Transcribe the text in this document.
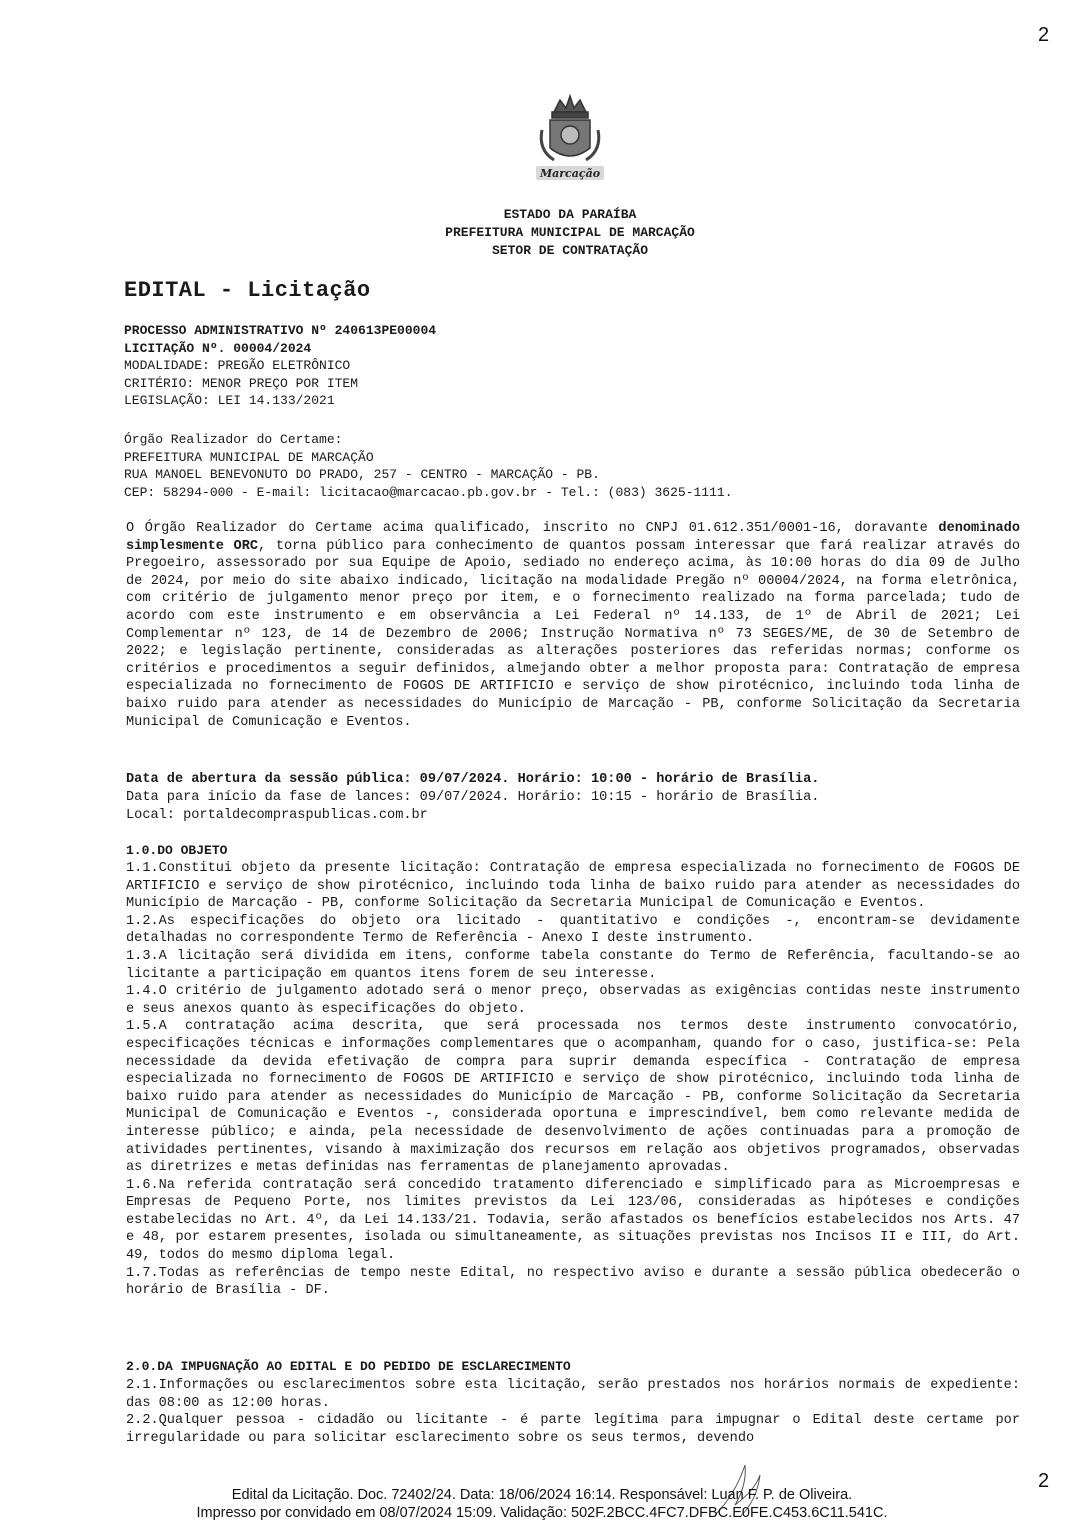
2
Marcação
ESTADO DA PARAÍBA
PREFEITURA MUNICIPAL DE MARCAÇÃO
SETOR DE CONTRATAÇÃO
EDITAL - Licitação
PROCESSO ADMINISTRATIVO Nº 240613PE00004
LICITAÇÃO Nº. 00004/2024
MODALIDADE: PREGÃO ELETRÔNICO
CRITÉRIO: MENOR PREÇO POR ITEM
LEGISLAÇÃO: LEI 14.133/2021
Órgão Realizador do Certame:
PREFEITURA MUNICIPAL DE MARCAÇÃO
RUA MANOEL BENEVONUTO DO PRADO, 257 - CENTRO - MARCAÇÃO - PB.
CEP: 58294-000 - E-mail: licitacao@marcacao.pb.gov.br - Tel.: (083) 3625-1111.
O Órgão Realizador do Certame acima qualificado, inscrito no CNPJ 01.612.351/0001-16, doravante denominado simplesmente ORC, torna público para conhecimento de quantos possam interessar que fará realizar através do Pregoeiro, assessorado por sua Equipe de Apoio, sediado no endereço acima, às 10:00 horas do dia 09 de Julho de 2024, por meio do site abaixo indicado, licitação na modalidade Pregão nº 00004/2024, na forma eletrônica, com critério de julgamento menor preço por item, e o fornecimento realizado na forma parcelada; tudo de acordo com este instrumento e em observância a Lei Federal nº 14.133, de 1º de Abril de 2021; Lei Complementar nº 123, de 14 de Dezembro de 2006; Instrução Normativa nº 73 SEGES/ME, de 30 de Setembro de 2022; e legislação pertinente, consideradas as alterações posteriores das referidas normas; conforme os critérios e procedimentos a seguir definidos, almejando obter a melhor proposta para: Contratação de empresa especializada no fornecimento de FOGOS DE ARTIFICIO e serviço de show pirotécnico, incluindo toda linha de baixo ruido para atender as necessidades do Município de Marcação - PB, conforme Solicitação da Secretaria Municipal de Comunicação e Eventos.
Data de abertura da sessão pública: 09/07/2024. Horário: 10:00 - horário de Brasília.
Data para início da fase de lances: 09/07/2024. Horário: 10:15 - horário de Brasília.
Local: portaldecompraspublicas.com.br
1.0.DO OBJETO
1.1.Constitui objeto da presente licitação: Contratação de empresa especializada no fornecimento de FOGOS DE ARTIFICIO e serviço de show pirotécnico, incluindo toda linha de baixo ruido para atender as necessidades do Município de Marcação - PB, conforme Solicitação da Secretaria Municipal de Comunicação e Eventos.
1.2.As especificações do objeto ora licitado - quantitativo e condições -, encontram-se devidamente detalhadas no correspondente Termo de Referência - Anexo I deste instrumento.
1.3.A licitação será dividida em itens, conforme tabela constante do Termo de Referência, facultando-se ao licitante a participação em quantos itens forem de seu interesse.
1.4.O critério de julgamento adotado será o menor preço, observadas as exigências contidas neste instrumento e seus anexos quanto às especificações do objeto.
1.5.A contratação acima descrita, que será processada nos termos deste instrumento convocatório, especificações técnicas e informações complementares que o acompanham, quando for o caso, justifica-se: Pela necessidade da devida efetivação de compra para suprir demanda específica - Contratação de empresa especializada no fornecimento de FOGOS DE ARTIFICIO e serviço de show pirotécnico, incluindo toda linha de baixo ruido para atender as necessidades do Município de Marcação - PB, conforme Solicitação da Secretaria Municipal de Comunicação e Eventos -, considerada oportuna e imprescindível, bem como relevante medida de interesse público; e ainda, pela necessidade de desenvolvimento de ações continuadas para a promoção de atividades pertinentes, visando à maximização dos recursos em relação aos objetivos programados, observadas as diretrizes e metas definidas nas ferramentas de planejamento aprovadas.
1.6.Na referida contratação será concedido tratamento diferenciado e simplificado para as Microempresas e Empresas de Pequeno Porte, nos limites previstos da Lei 123/06, consideradas as hipóteses e condições estabelecidas no Art. 4º, da Lei 14.133/21. Todavia, serão afastados os benefícios estabelecidos nos Arts. 47 e 48, por estarem presentes, isolada ou simultaneamente, as situações previstas nos Incisos II e III, do Art. 49, todos do mesmo diploma legal.
1.7.Todas as referências de tempo neste Edital, no respectivo aviso e durante a sessão pública obedecerão o horário de Brasília - DF.
2.0.DA IMPUGNAÇÃO AO EDITAL E DO PEDIDO DE ESCLARECIMENTO
2.1.Informações ou esclarecimentos sobre esta licitação, serão prestados nos horários normais de expediente: das 08:00 as 12:00 horas.
2.2.Qualquer pessoa - cidadão ou licitante - é parte legítima para impugnar o Edital deste certame por irregularidade ou para solicitar esclarecimento sobre os seus termos, devendo
Edital da Licitação. Doc. 72402/24. Data: 18/06/2024 16:14. Responsável: Luan F. P. de Oliveira.
Impresso por convidado em 08/07/2024 15:09. Validação: 502F.2BCC.4FC7.DFBC.E0FE.C453.6C11.541C.
2
